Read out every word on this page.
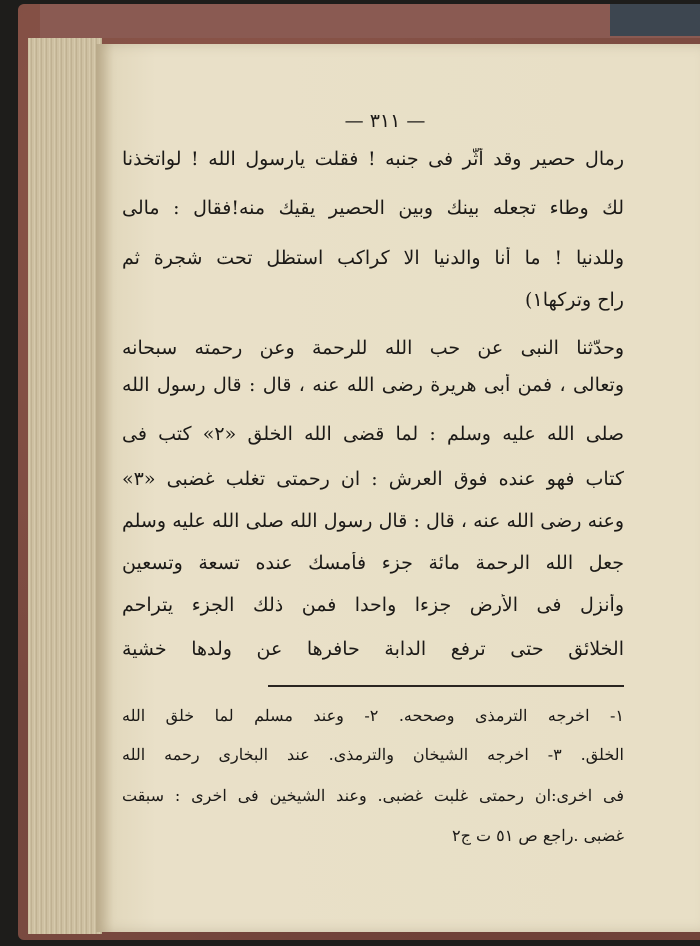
— ٣١١ —
رمال حصير وقد أثّر فى جنبه ! فقلت يارسول الله ! لواتخذنا
لك وطاء تجعله بينك وبين الحصير يقيك منه!فقال : مالى
وللدنيا ! ما أنا والدنيا الا كراكب استظل تحت شجرة ثم
راح وتركها١)
وحدّثنا النبى عن حب الله للرحمة وعن رحمته سبحانه
وتعالى ، فمن أبى هريرة رضى الله عنه ، قال : قال رسول الله
صلى الله عليه وسلم : لما قضى الله الخلق «٢» كتب فى
كتاب فهو عنده فوق العرش : ان رحمتى تغلب غضبى «٣»
وعنه رضى الله عنه ، قال : قال رسول الله صلى الله عليه وسلم
جعل الله الرحمة مائة جزء فأمسك عنده تسعة وتسعين
وأنزل فى الأرض جزءا واحدا فمن ذلك الجزء يتراحم
الخلائق حتى ترفع الدابة حافرها عن ولدها خشية
١- اخرجه الترمذى وصححه. ٢- وعند مسلم لما خلق الله
الخلق. ٣- اخرجه الشيخان والترمذى. عند البخارى رحمه الله
فى اخرى:ان رحمتى غلبت غضبى. وعند الشيخين فى اخرى : سبقت
غضبى .راجع ص ٥١ ت ج٢
